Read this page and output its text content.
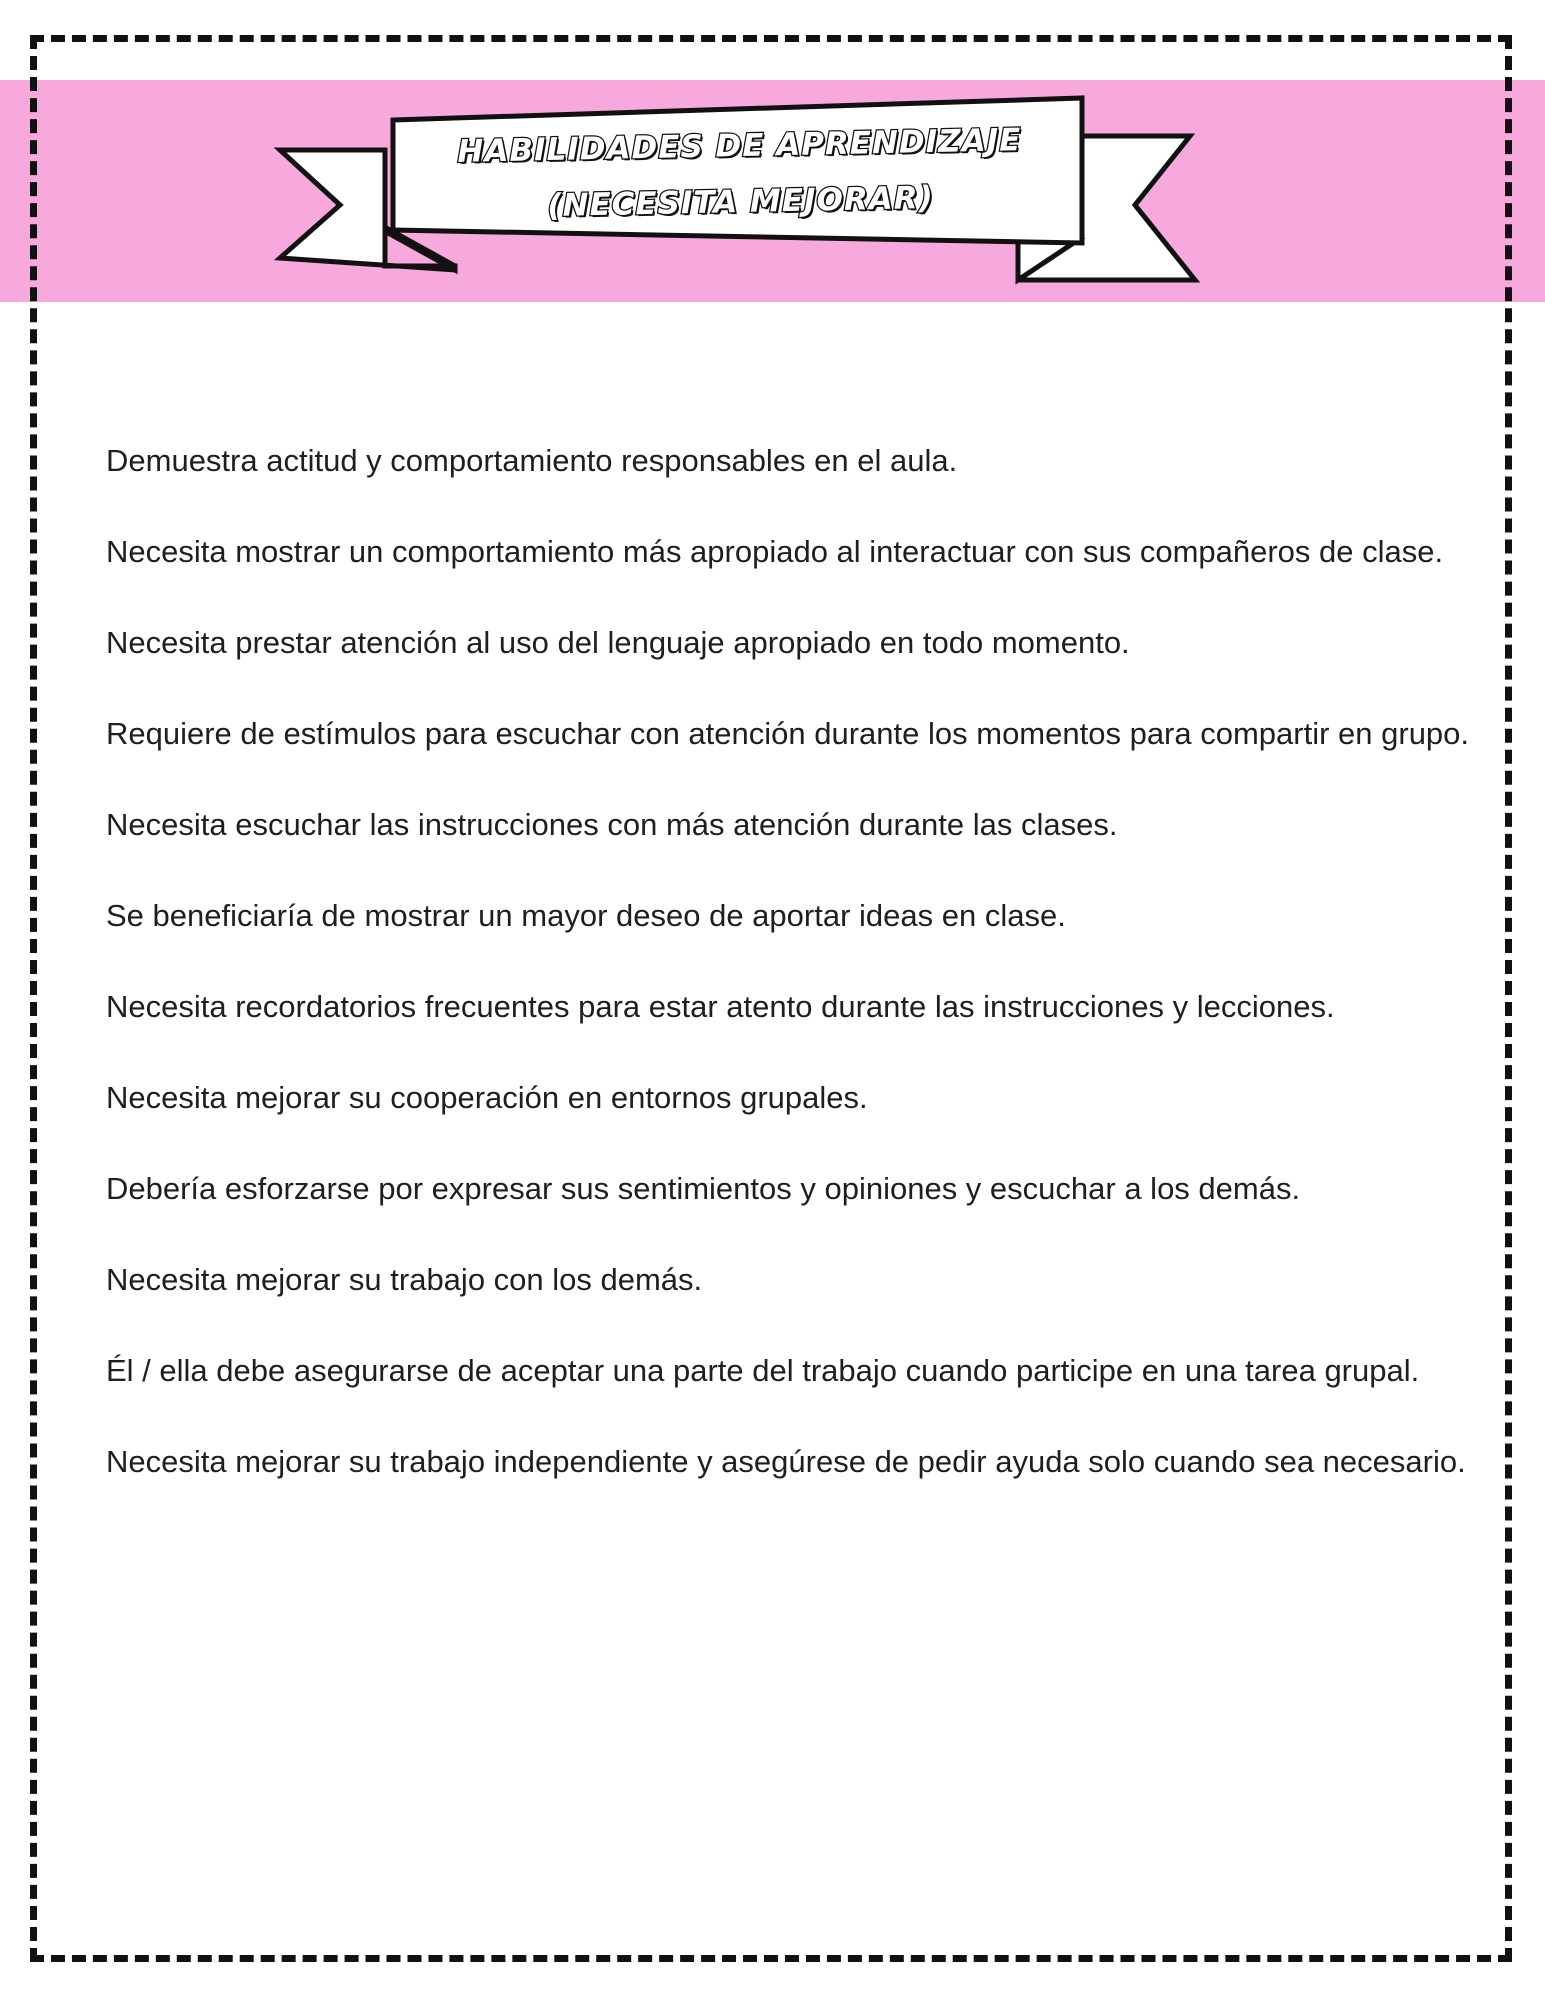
HABILIDADES DE APRENDIZAJE
(NECESITA MEJORAR)

Demuestra actitud y comportamiento responsables en el aula.

Necesita mostrar un comportamiento más apropiado al interactuar con sus compañeros de clase.

Necesita prestar atención al uso del lenguaje apropiado en todo momento.

Requiere de estímulos para escuchar con atención durante los momentos para compartir en grupo.

Necesita escuchar las instrucciones con más atención durante las clases.

Se beneficiaría de mostrar un mayor deseo de aportar ideas en clase.

Necesita recordatorios frecuentes para estar atento durante las instrucciones y lecciones.

Necesita mejorar su cooperación en entornos grupales.

Debería esforzarse por expresar sus sentimientos y opiniones y escuchar a los demás.

Necesita mejorar su trabajo con los demás.

Él / ella debe asegurarse de aceptar una parte del trabajo cuando participe en una tarea grupal.

Necesita mejorar su trabajo independiente y asegúrese de pedir ayuda solo cuando sea necesario.
